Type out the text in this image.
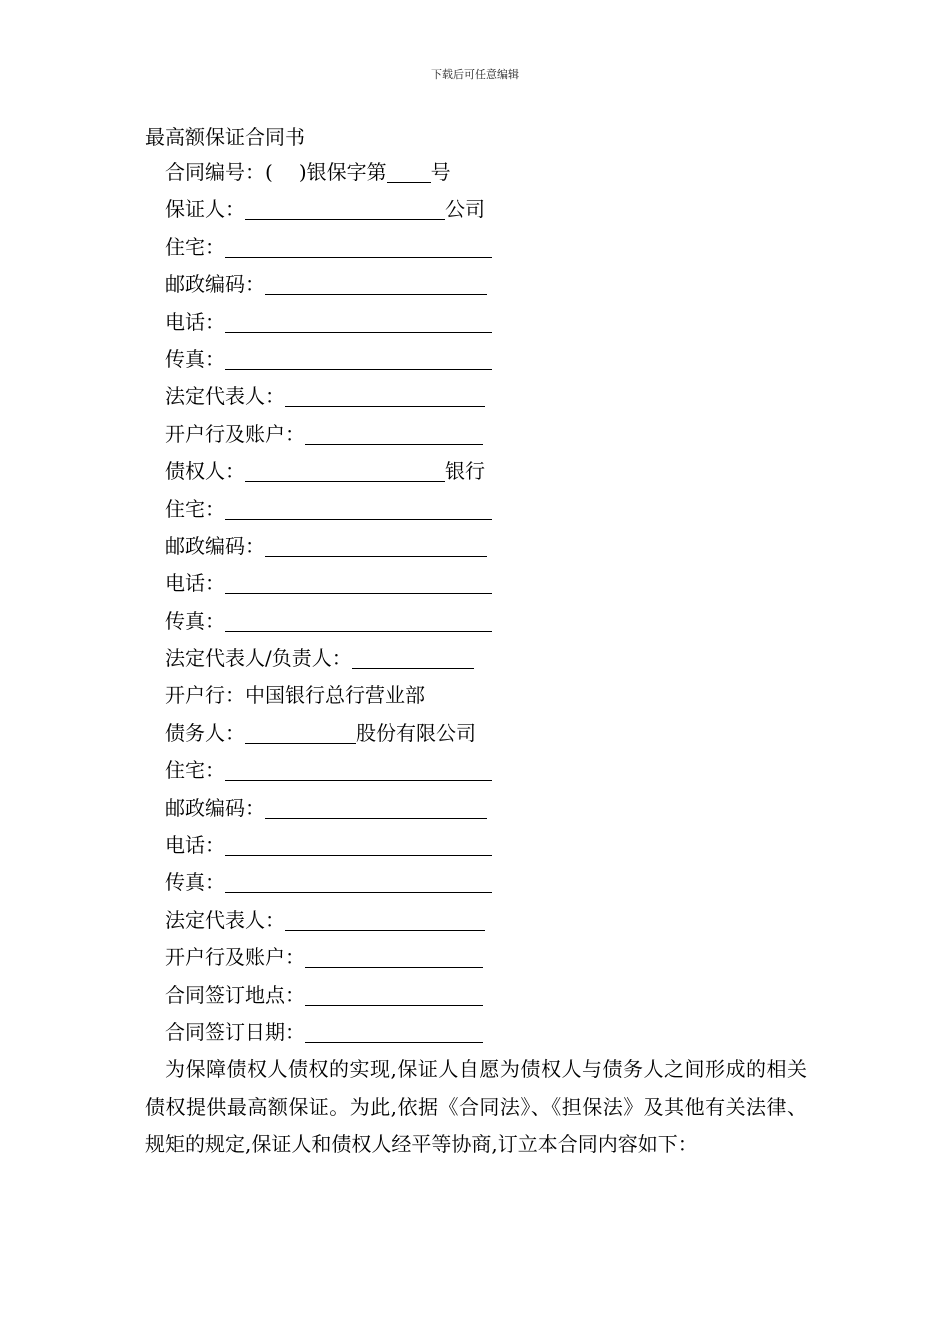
下载后可任意编辑
最高额保证合同书
合同编号：( )银保字第 号
保证人：	公司
住宅：
邮政编码：
电话：
传真：
法定代表人：
开户行及账户：
债权人：	银行
住宅：
邮政编码：
电话：
传真：
法定代表人/负责人：
开户行：中国银行总行营业部
债务人：	股份有限公司
住宅：
邮政编码：
电话：
传真：
法定代表人：
开户行及账户：
合同签订地点：
合同签订日期：

为保障债权人债权的实现,保证人自愿为债权人与债务人之间形成的相关债权提供最高额保证。为此,依据《合同法》、《担保法》及其他有关法律、规矩的规定,保证人和债权人经平等协商,订立本合同内容如下：
